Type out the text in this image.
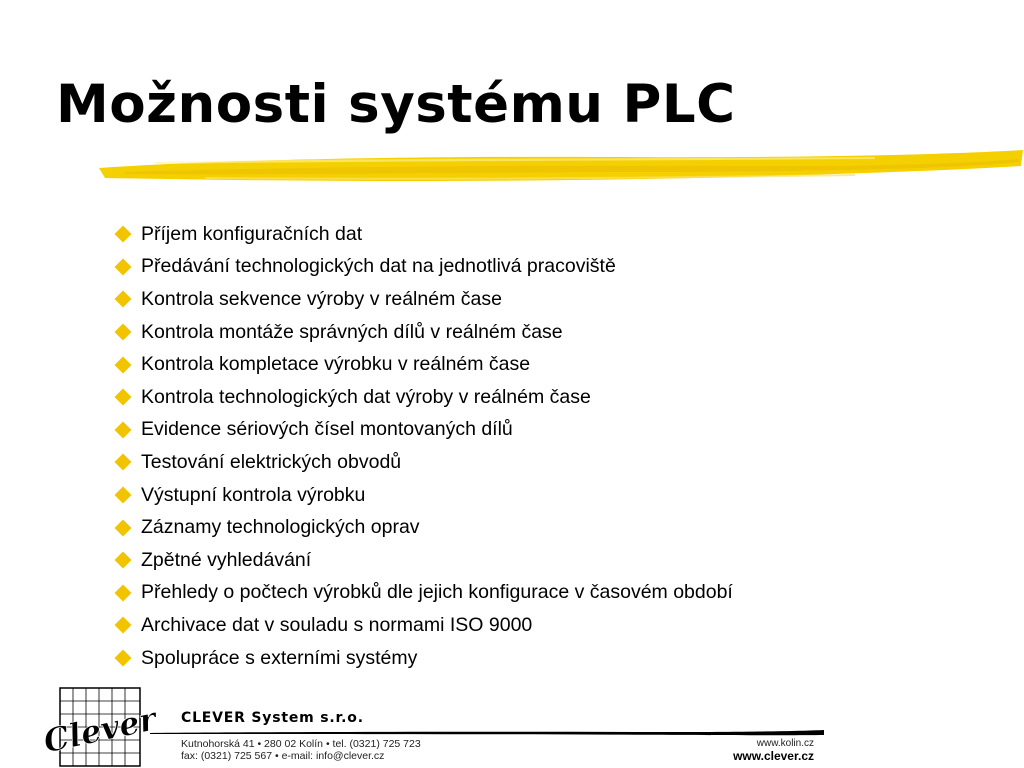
Možnosti systému PLC
Příjem konfiguračních dat
Předávání technologických dat na jednotlivá pracoviště
Kontrola sekvence výroby v reálném čase
Kontrola montáže správných dílů v reálném čase
Kontrola kompletace výrobku v reálném čase
Kontrola technologických dat výroby v reálném čase
Evidence sériových čísel montovaných dílů
Testování elektrických obvodů
Výstupní kontrola výrobku
Záznamy technologických oprav
Zpětné vyhledávání
Přehledy o počtech výrobků dle jejich konfigurace v časovém období
Archivace dat v souladu s normami ISO 9000
Spolupráce s externími systémy
Clever CLEVER System s.r.o.
Kutnohorská 41 • 280 02 Kolín • tel. (0321) 725 723
fax: (0321) 725 567 • e-mail: info@clever.cz
www.kolin.cz
www.clever.cz
